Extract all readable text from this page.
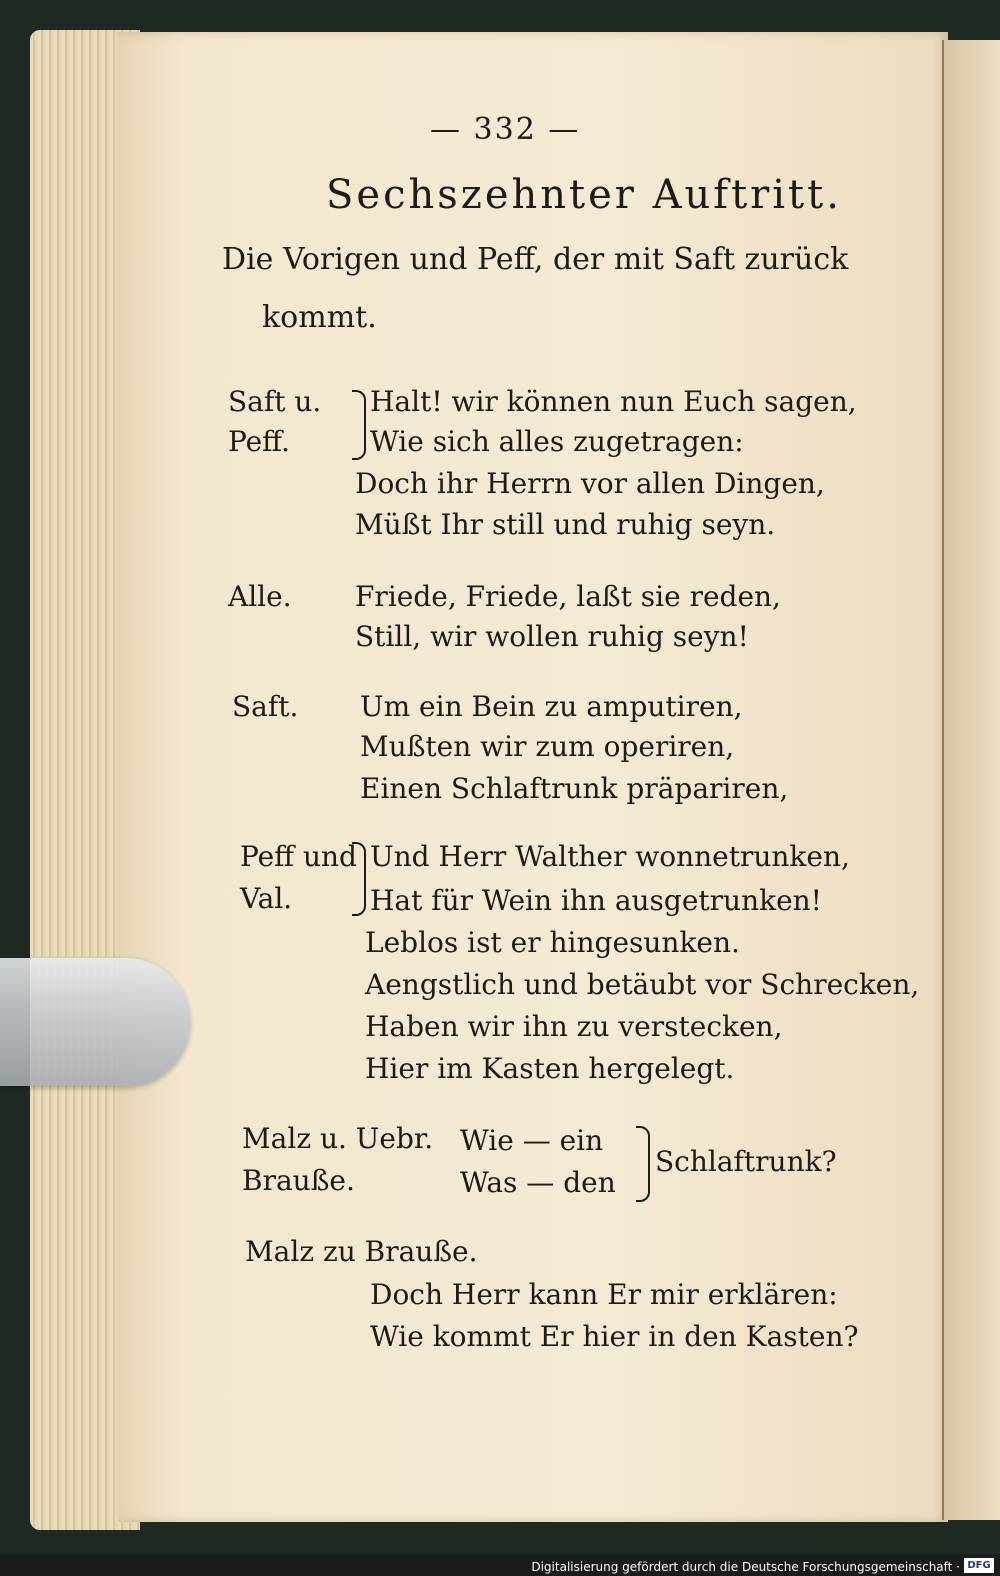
— 332 —
Sechszehnter Auftritt.
Die Vorigen und Peff, der mit Saft zurück
kommt.
Saft u.
Peff.
Halt! wir können nun Euch sagen,
Wie sich alles zugetragen:
Doch ihr Herrn vor allen Dingen,
Müßt Ihr still und ruhig seyn.
Alle. Friede, Friede, laßt sie reden,
Still, wir wollen ruhig seyn!
Saft. Um ein Bein zu amputiren,
Mußten wir zum operiren,
Einen Schlaftrunk präpariren,
Peff und
Val.
Und Herr Walther wonnetrunken,
Hat für Wein ihn ausgetrunken!
Leblos ist er hingesunken.
Aengstlich und betäubt vor Schrecken,
Haben wir ihn zu verstecken,
Hier im Kasten hergelegt.
Malz u. Uebr.
Brauße.
Wie — ein
Was — den
Schlaftrunk?
Malz zu Brauße.
Doch Herr kann Er mir erklären:
Wie kommt Er hier in den Kasten?
Digitalisierung gefördert durch die Deutsche Forschungsgemeinschaft · DFG
